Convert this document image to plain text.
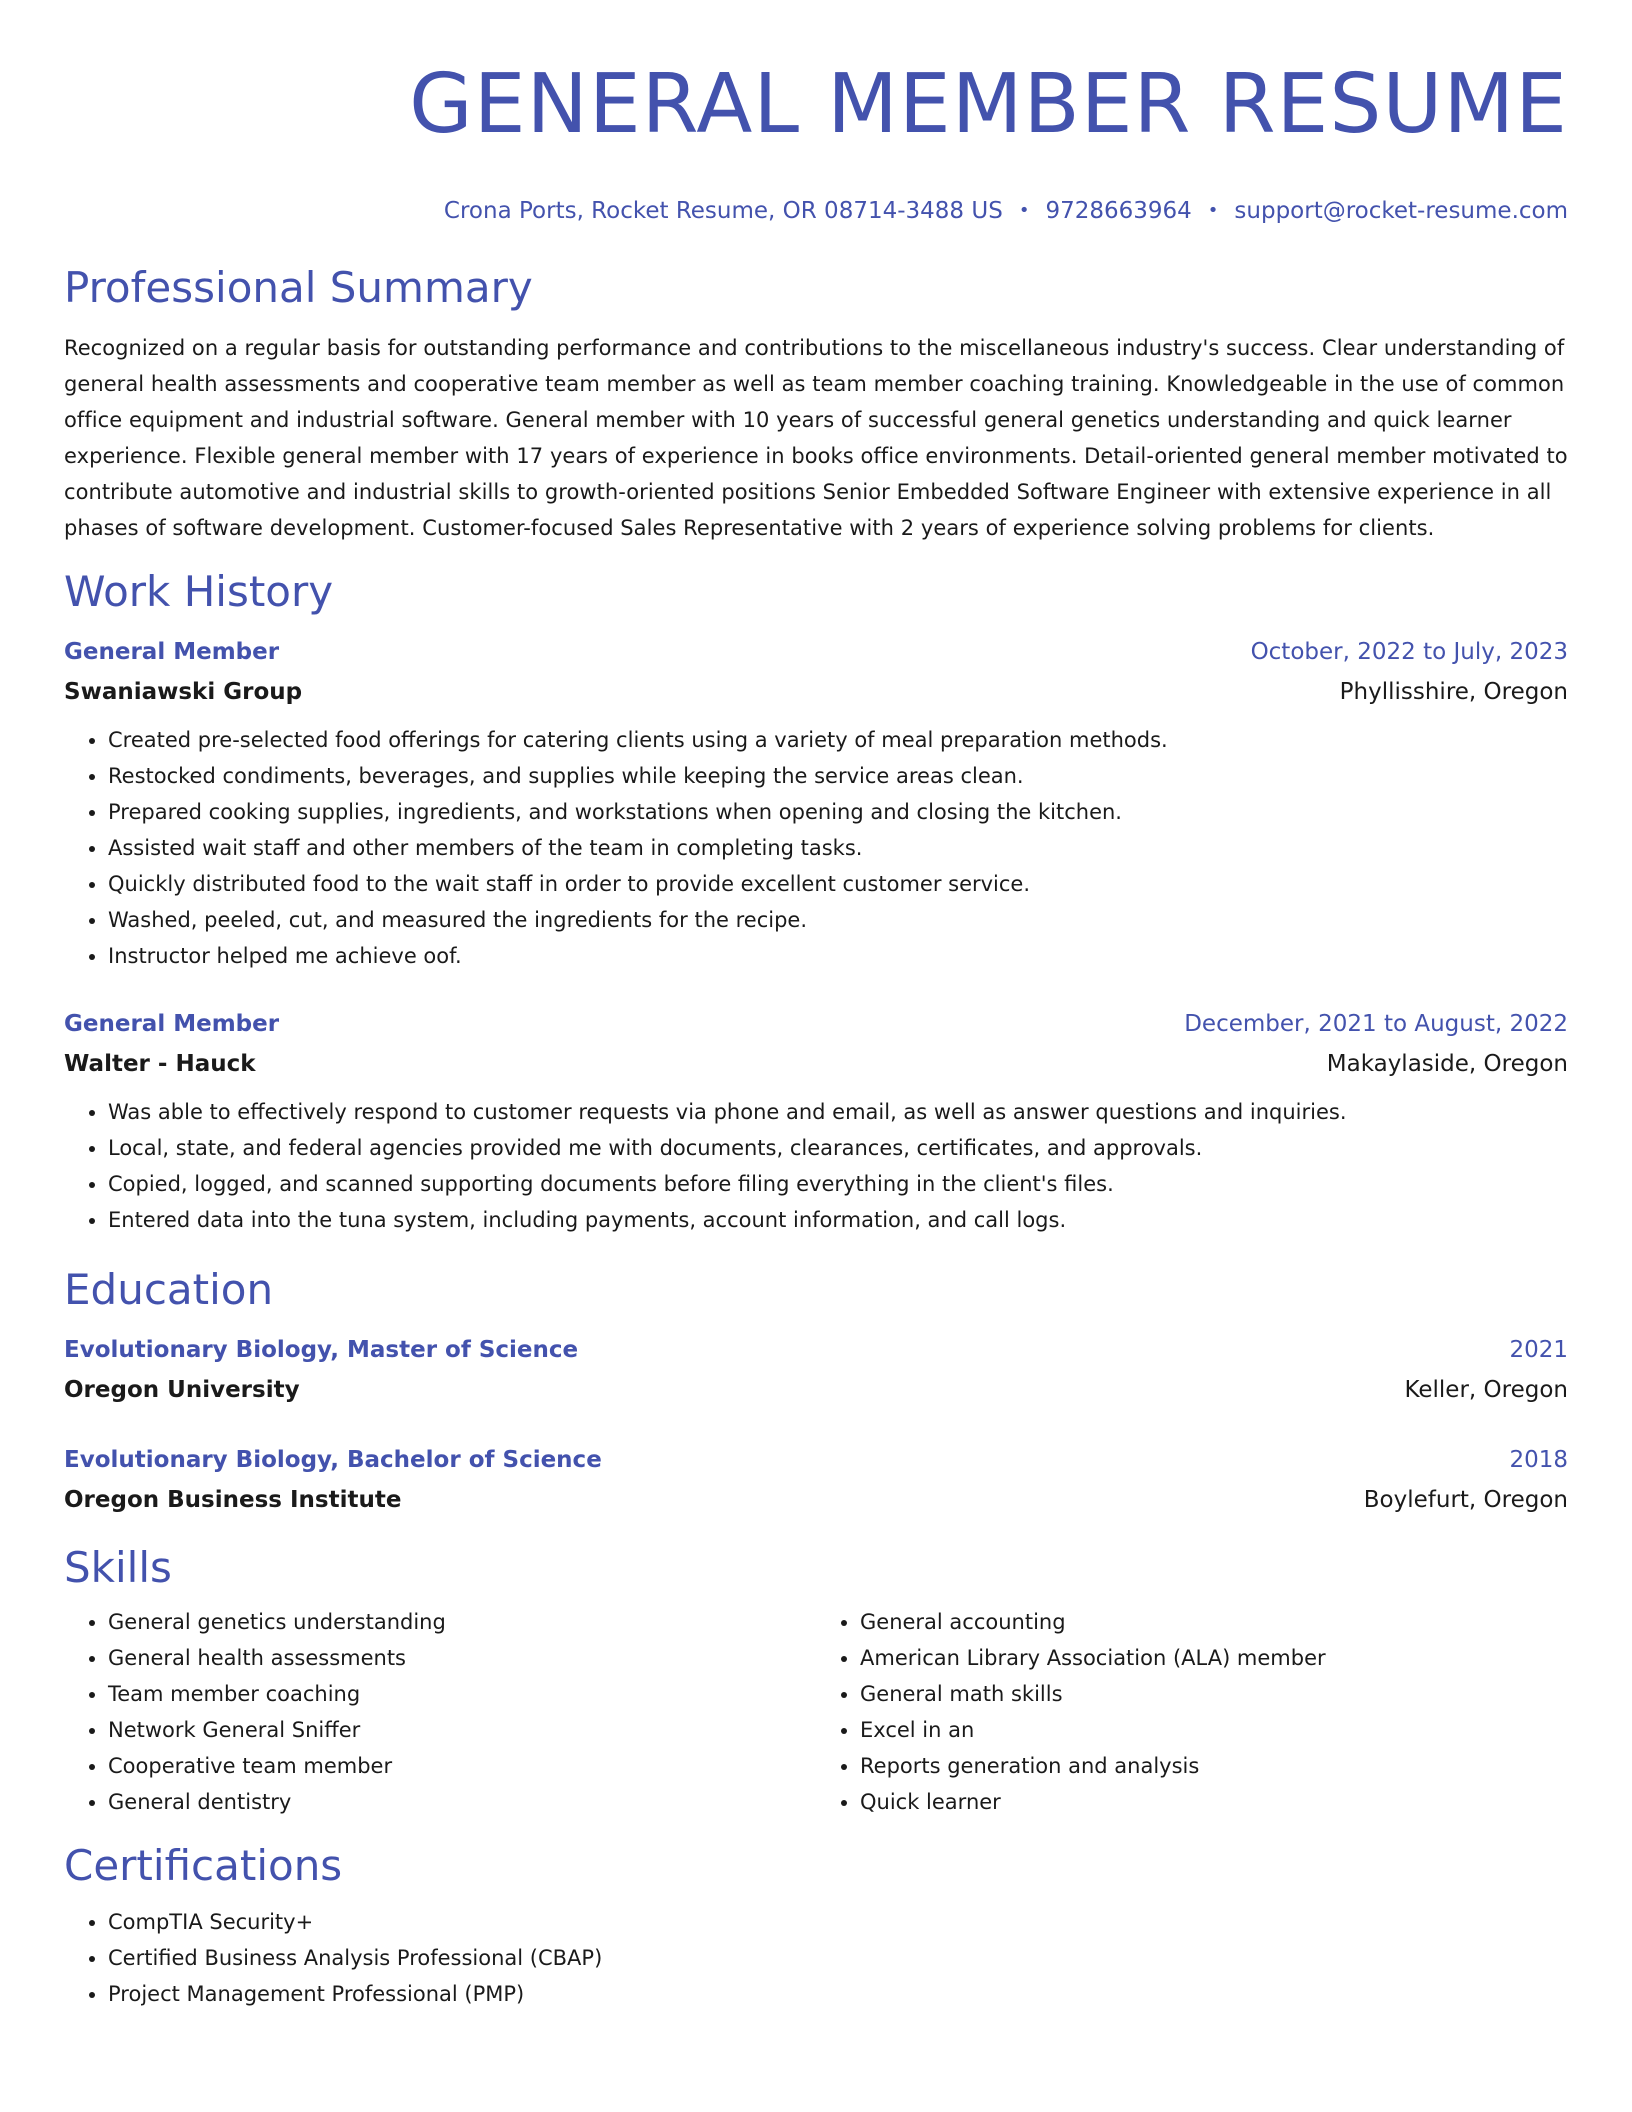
GENERAL MEMBER RESUME
Crona Ports, Rocket Resume, OR 08714-3488 US • 9728663964 • support@rocket-resume.com
Professional Summary
Recognized on a regular basis for outstanding performance and contributions to the miscellaneous industry's success. Clear understanding of general health assessments and cooperative team member as well as team member coaching training. Knowledgeable in the use of common office equipment and industrial software. General member with 10 years of successful general genetics understanding and quick learner experience. Flexible general member with 17 years of experience in books office environments. Detail-oriented general member motivated to contribute automotive and industrial skills to growth-oriented positions Senior Embedded Software Engineer with extensive experience in all phases of software development. Customer-focused Sales Representative with 2 years of experience solving problems for clients.
Work History
General Member	October, 2022 to July, 2023
Swaniawski Group	Phyllisshire, Oregon
• Created pre-selected food offerings for catering clients using a variety of meal preparation methods.
• Restocked condiments, beverages, and supplies while keeping the service areas clean.
• Prepared cooking supplies, ingredients, and workstations when opening and closing the kitchen.
• Assisted wait staff and other members of the team in completing tasks.
• Quickly distributed food to the wait staff in order to provide excellent customer service.
• Washed, peeled, cut, and measured the ingredients for the recipe.
• Instructor helped me achieve oof.
General Member	December, 2021 to August, 2022
Walter - Hauck	Makaylaside, Oregon
• Was able to effectively respond to customer requests via phone and email, as well as answer questions and inquiries.
• Local, state, and federal agencies provided me with documents, clearances, certificates, and approvals.
• Copied, logged, and scanned supporting documents before filing everything in the client's files.
• Entered data into the tuna system, including payments, account information, and call logs.
Education
Evolutionary Biology, Master of Science	2021
Oregon University	Keller, Oregon
Evolutionary Biology, Bachelor of Science	2018
Oregon Business Institute	Boylefurt, Oregon
Skills
• General genetics understanding
• General health assessments
• Team member coaching
• Network General Sniffer
• Cooperative team member
• General dentistry
• General accounting
• American Library Association (ALA) member
• General math skills
• Excel in an
• Reports generation and analysis
• Quick learner
Certifications
• CompTIA Security+
• Certified Business Analysis Professional (CBAP)
• Project Management Professional (PMP)
